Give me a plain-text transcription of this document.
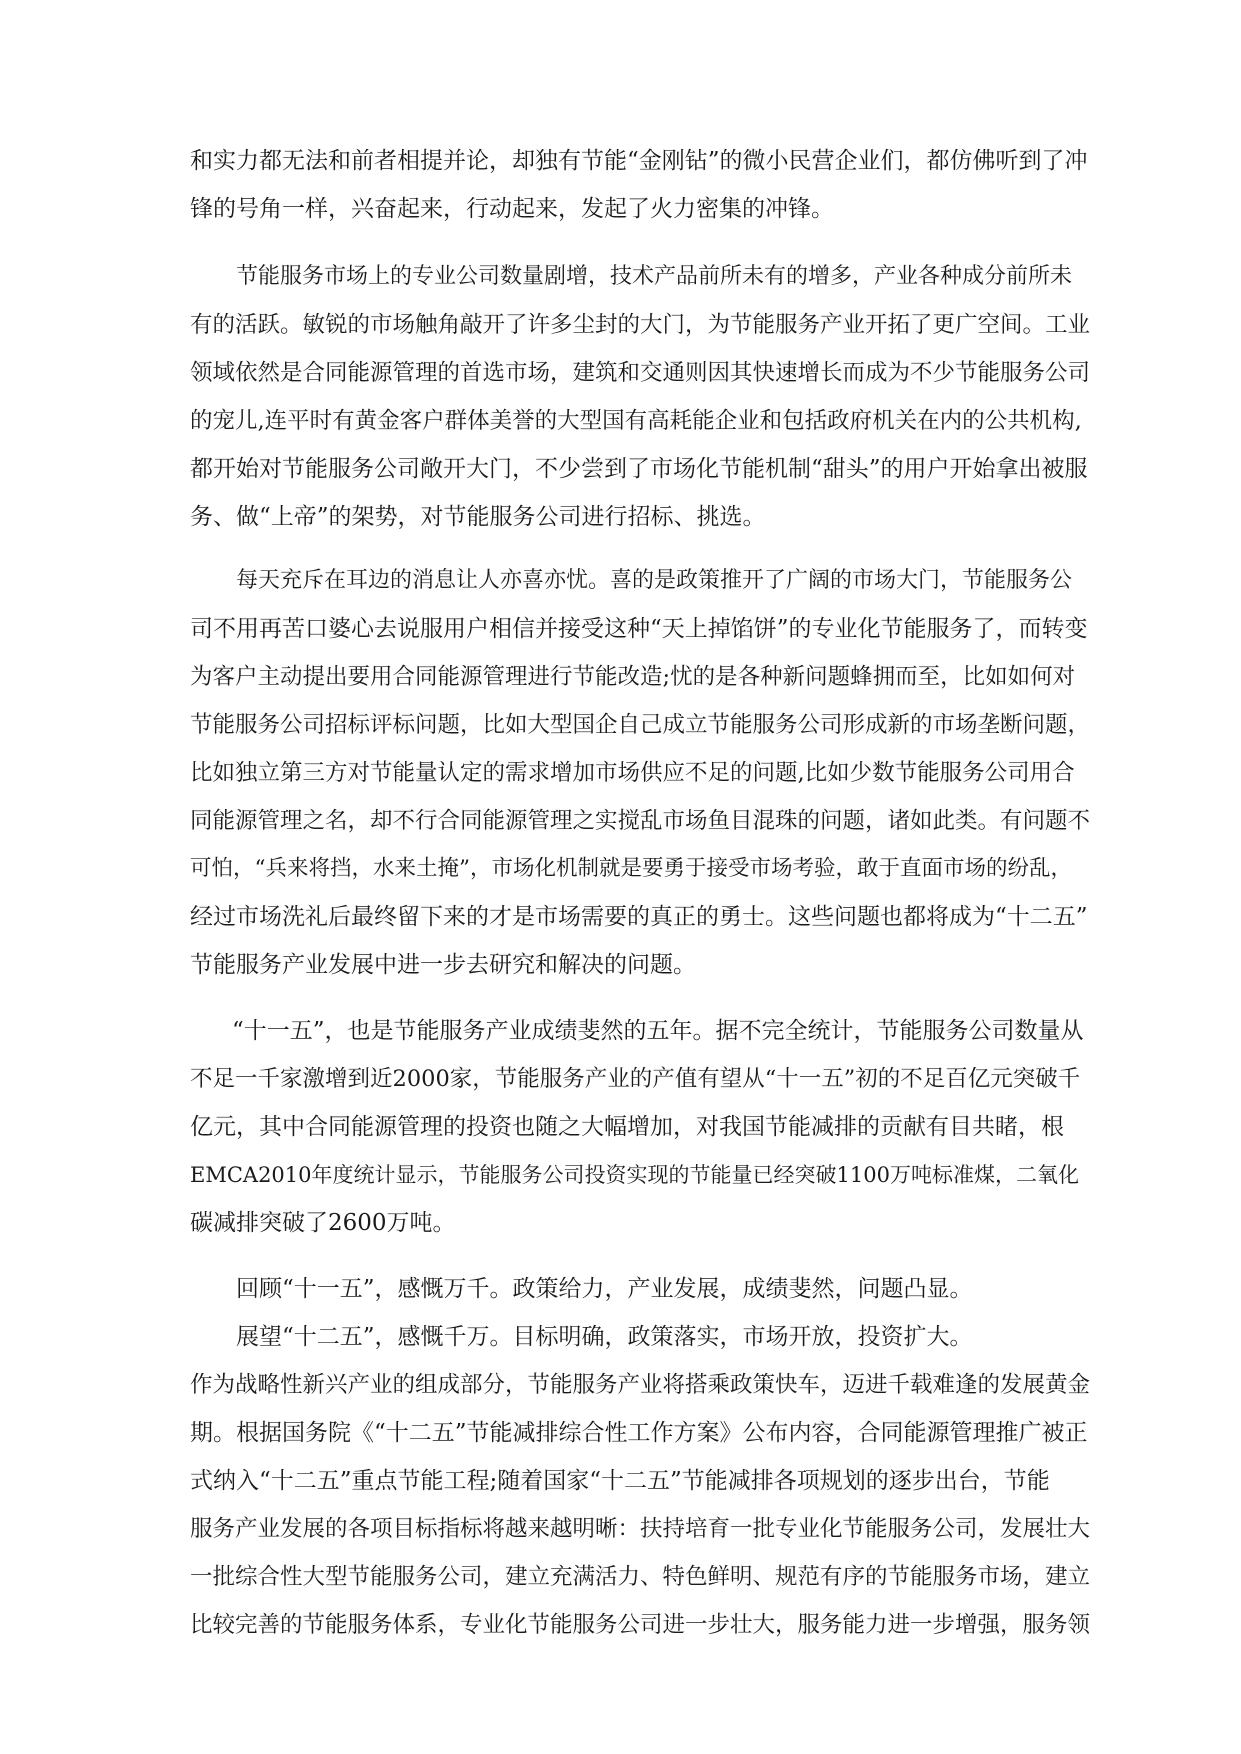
和实力都无法和前者相提并论，却独有节能“金刚钻”的微小民营企业们，都仿佛听到了冲
锋的号角一样，兴奋起来，行动起来，发起了火力密集的冲锋。
节能服务市场上的专业公司数量剧增，技术产品前所未有的增多，产业各种成分前所未
有的活跃。敏锐的市场触角敲开了许多尘封的大门，为节能服务产业开拓了更广空间。工业
领域依然是合同能源管理的首选市场，建筑和交通则因其快速增长而成为不少节能服务公司
的宠儿,连平时有黄金客户群体美誉的大型国有高耗能企业和包括政府机关在内的公共机构,
都开始对节能服务公司敞开大门，不少尝到了市场化节能机制“甜头”的用户开始拿出被服
务、做“上帝”的架势，对节能服务公司进行招标、挑选。
每天充斥在耳边的消息让人亦喜亦忧。喜的是政策推开了广阔的市场大门，节能服务公
司不用再苦口婆心去说服用户相信并接受这种“天上掉馅饼”的专业化节能服务了，而转变
为客户主动提出要用合同能源管理进行节能改造;忧的是各种新问题蜂拥而至，比如如何对
节能服务公司招标评标问题，比如大型国企自己成立节能服务公司形成新的市场垄断问题，
比如独立第三方对节能量认定的需求增加市场供应不足的问题,比如少数节能服务公司用合
同能源管理之名，却不行合同能源管理之实搅乱市场鱼目混珠的问题，诸如此类。有问题不
可怕，“兵来将挡，水来土掩”，市场化机制就是要勇于接受市场考验，敢于直面市场的纷乱，
经过市场洗礼后最终留下来的才是市场需要的真正的勇士。这些问题也都将成为“十二五”
节能服务产业发展中进一步去研究和解决的问题。
“十一五”，也是节能服务产业成绩斐然的五年。据不完全统计，节能服务公司数量从
不足一千家激增到近2000家，节能服务产业的产值有望从“十一五”初的不足百亿元突破千
亿元，其中合同能源管理的投资也随之大幅增加，对我国节能减排的贡献有目共睹，根
EMCA2010年度统计显示，节能服务公司投资实现的节能量已经突破1100万吨标准煤，二氧化
碳减排突破了2600万吨。
回顾“十一五”，感慨万千。政策给力，产业发展，成绩斐然，问题凸显。
展望“十二五”，感慨千万。目标明确，政策落实，市场开放，投资扩大。
作为战略性新兴产业的组成部分，节能服务产业将搭乘政策快车，迈进千载难逢的发展黄金
期。根据国务院《“十二五”节能减排综合性工作方案》公布内容，合同能源管理推广被正
式纳入“十二五”重点节能工程;随着国家“十二五”节能减排各项规划的逐步出台，节能
服务产业发展的各项目标指标将越来越明晰：扶持培育一批专业化节能服务公司，发展壮大
一批综合性大型节能服务公司，建立充满活力、特色鲜明、规范有序的节能服务市场，建立
比较完善的节能服务体系，专业化节能服务公司进一步壮大，服务能力进一步增强，服务领
